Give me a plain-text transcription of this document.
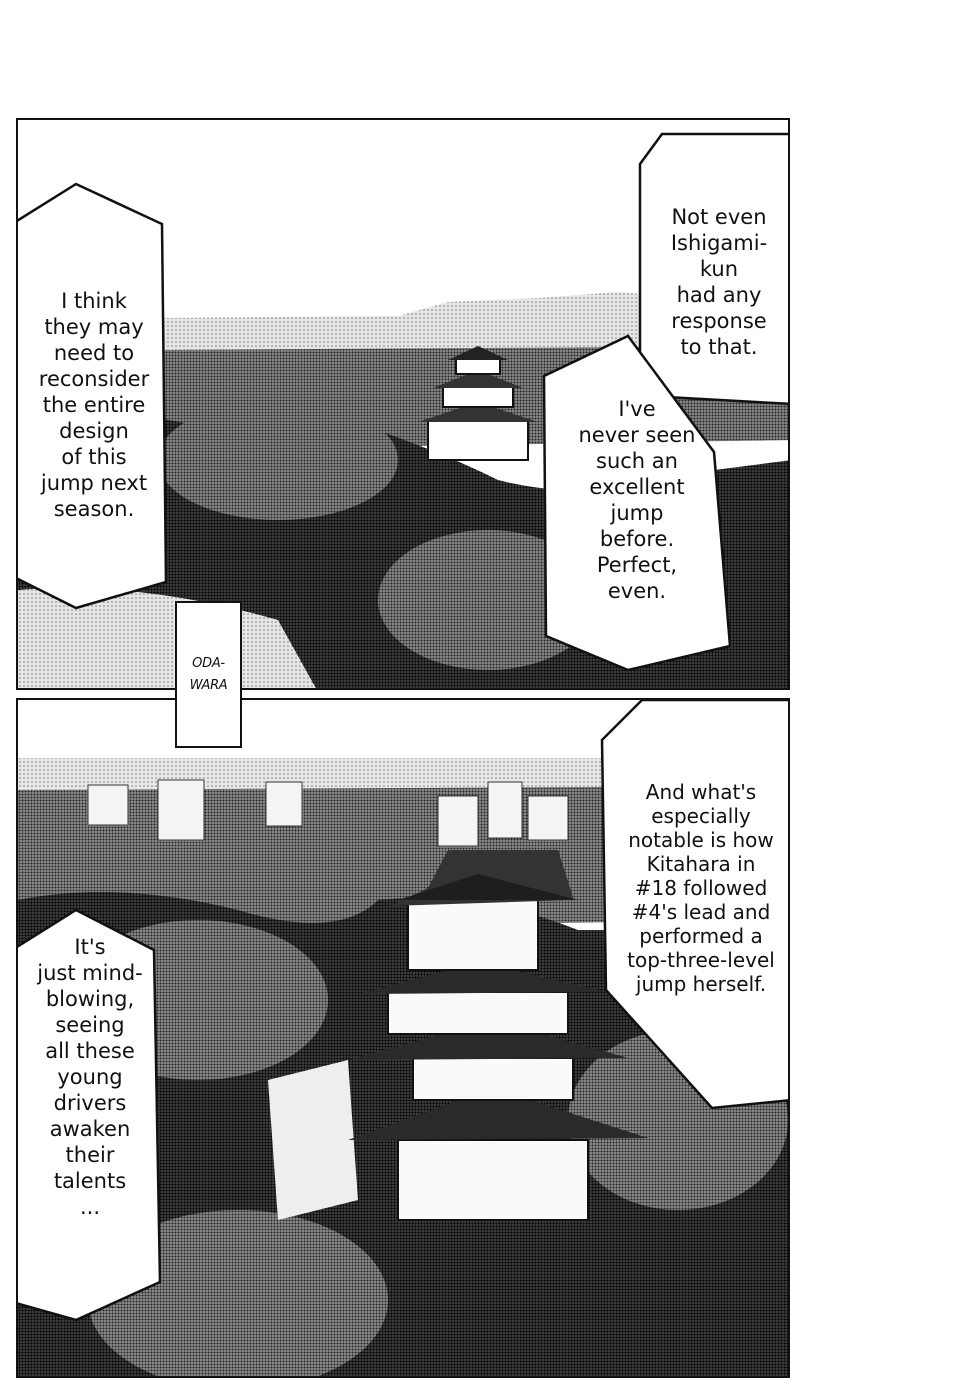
I think
they may
need to
reconsider
the entire
design
of this
jump next
season.
Not even
Ishigami-
kun
had any
response
to that.
I've
never seen
such an
excellent
jump
before.
Perfect,
even.
And what's
especially
notable is how
Kitahara in
#18 followed
#4's lead and
performed a
top-three-level
jump herself.
It's
just mind-
blowing,
seeing
all these
young
drivers
awaken
their
talents
...
ODA-
WARA
